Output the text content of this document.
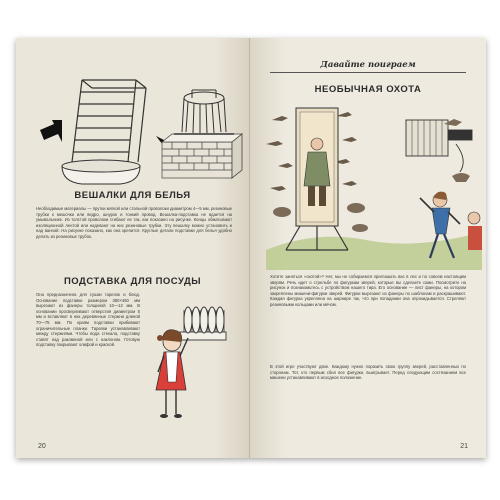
ВЕШАЛКИ ДЛЯ БЕЛЬЯ

Необходимые материалы — прутки мягкой или стальной проволоки диаметром 4—5 мм, резиновые трубки к мешочки или ведро, шнурок и тонкий провод. Вешалка-подставка не вдается на умывальнике. Из толстой проволоки сгибают ее так, как показано на рисунке. Концы обматывают изоляционной лентой или надевают на них резиновые трубки. Эту вешалку можно установить и над ванной. На рисунке показано, как она крепится. Круглые детали подставки для белья удобно делать из резиновых трубок.

ПОДСТАВКА ДЛЯ ПОСУДЫ

Она предназначена для сушки тарелок и блюд. Основание подставки размером 380×450 мм вырезают из фанеры толщиной 10—12 мм. В основании просверливают отверстия диаметром 5 мм и вставляют в них деревянные стержни длиной 70—75 мм. По краям подставки прибивают ограничительные планки. Тарелки устанавливают между стержнями. Чтобы вода стекала, подставку ставят над раковиной или с наклоном. Готовую подставку покрывают олифой и краской.

20
Давайте поиграем
НЕОБЫЧНАЯ ОХОТА

Хотите заняться «охотой»? Нет, мы не собираемся приглашать вас в лес и по совсем настоящим зверям. Речь идет о стрельбе по фигуркам зверей, которые вы сделаете сами. Посмотрите на рисунок и познакомьтесь с устройством нашего тира. Его основание — лист фанеры, на котором закреплены мишени-фигурки зверей. Фигурки вырезают из фанеры по шаблонам и раскрашивают. Каждая фигурка укреплена на шарнире так, что при попадании она опрокидывается. Стреляют резиновыми кольцами или мячом.

В этой игре участвуют двое. Каждому нужно поразить свою группу зверей, расставленных по сторонам. Тот, кто первым сбил все фигурки, выигрывает. Перед следующим состязанием все мишени устанавливают в исходное положение.

21
